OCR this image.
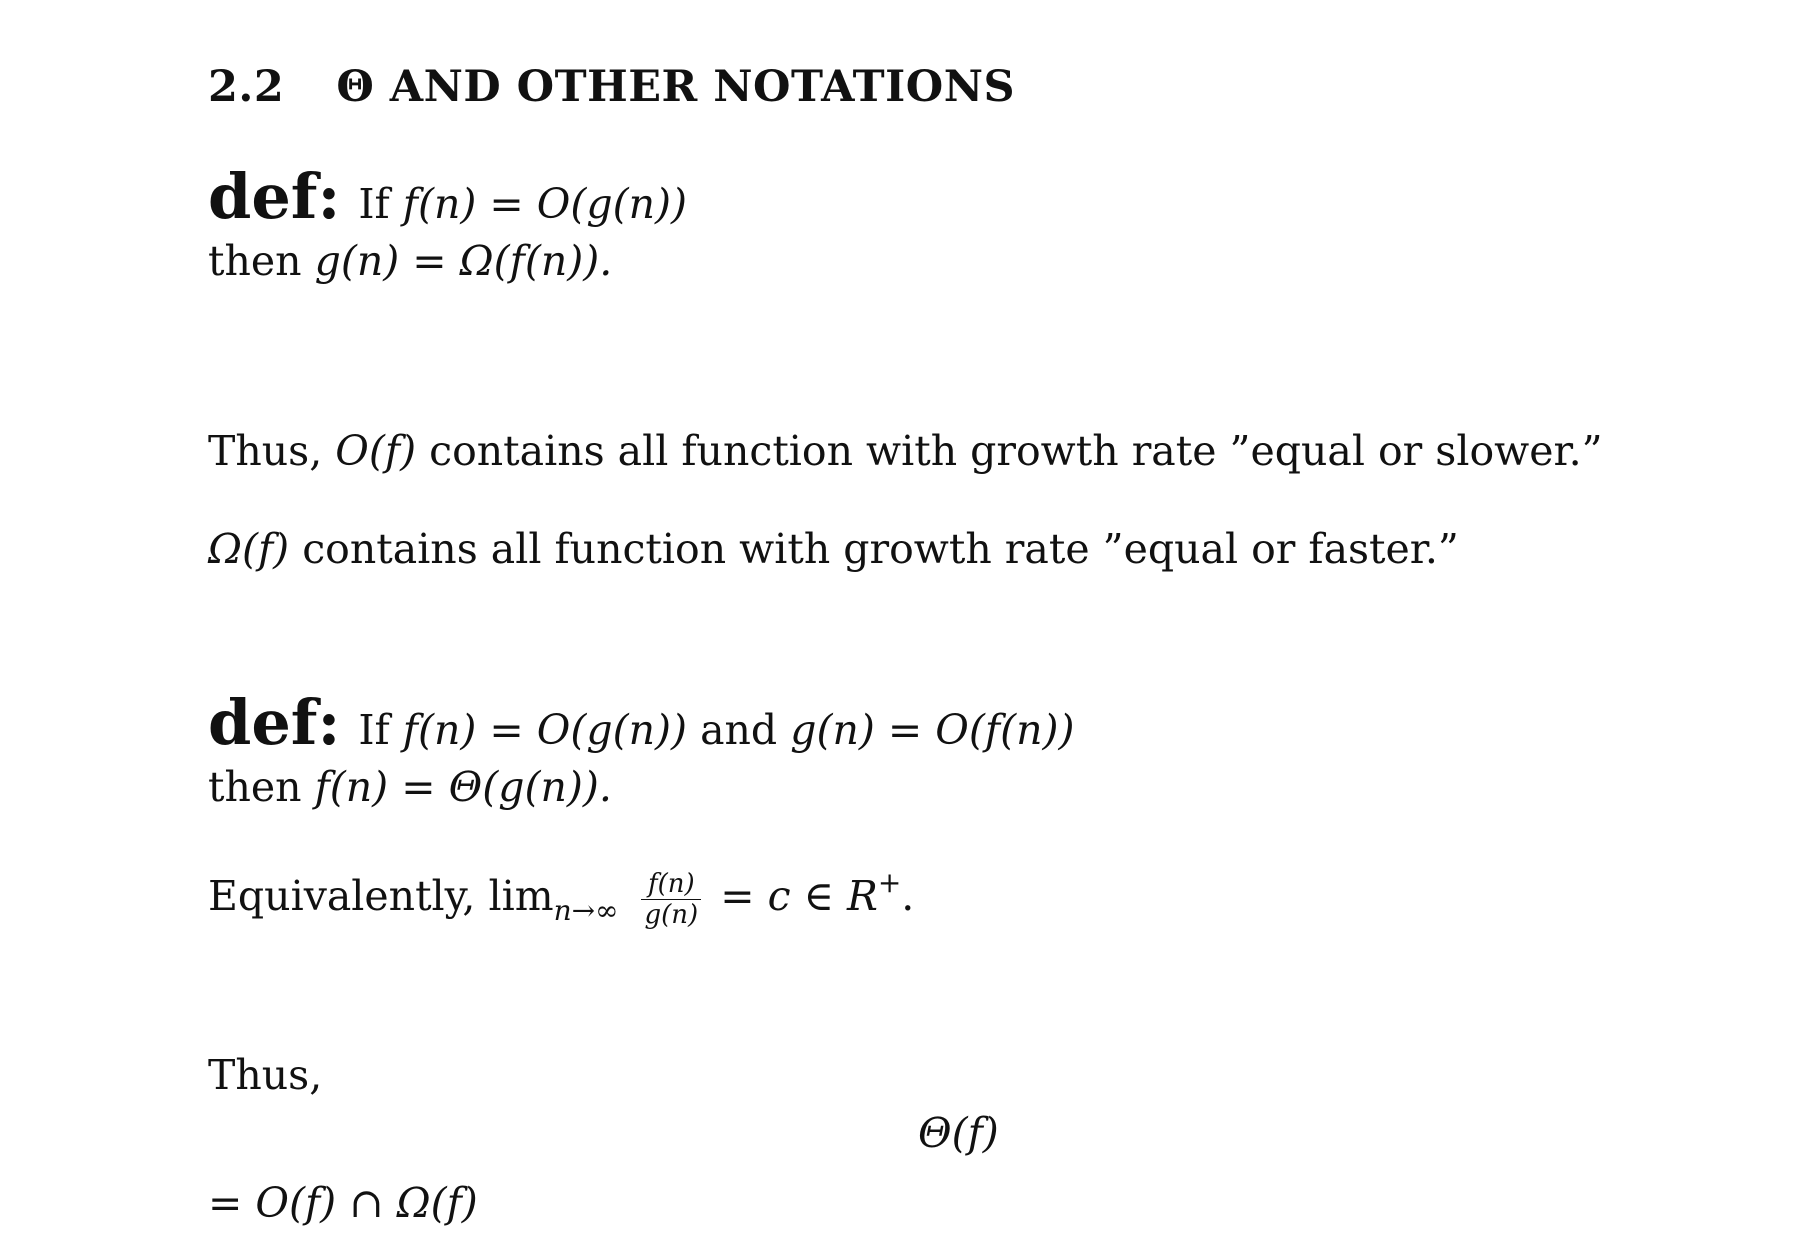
2.2 Θ AND OTHER NOTATIONS
def: If f(n) = O(g(n))
then g(n) = Ω(f(n)).
Thus, O(f) contains all function with growth rate ”equal or slower.”
Ω(f) contains all function with growth rate ”equal or faster.”
def: If f(n) = O(g(n)) and g(n) = O(f(n))
then f(n) = Θ(g(n)).
Equivalently, $\lim_{n\to\infty} \frac{f(n)}{g(n)} = c$ ∈ R+.
Thus,
Θ(f)
= O(f) ∩ Ω(f)
